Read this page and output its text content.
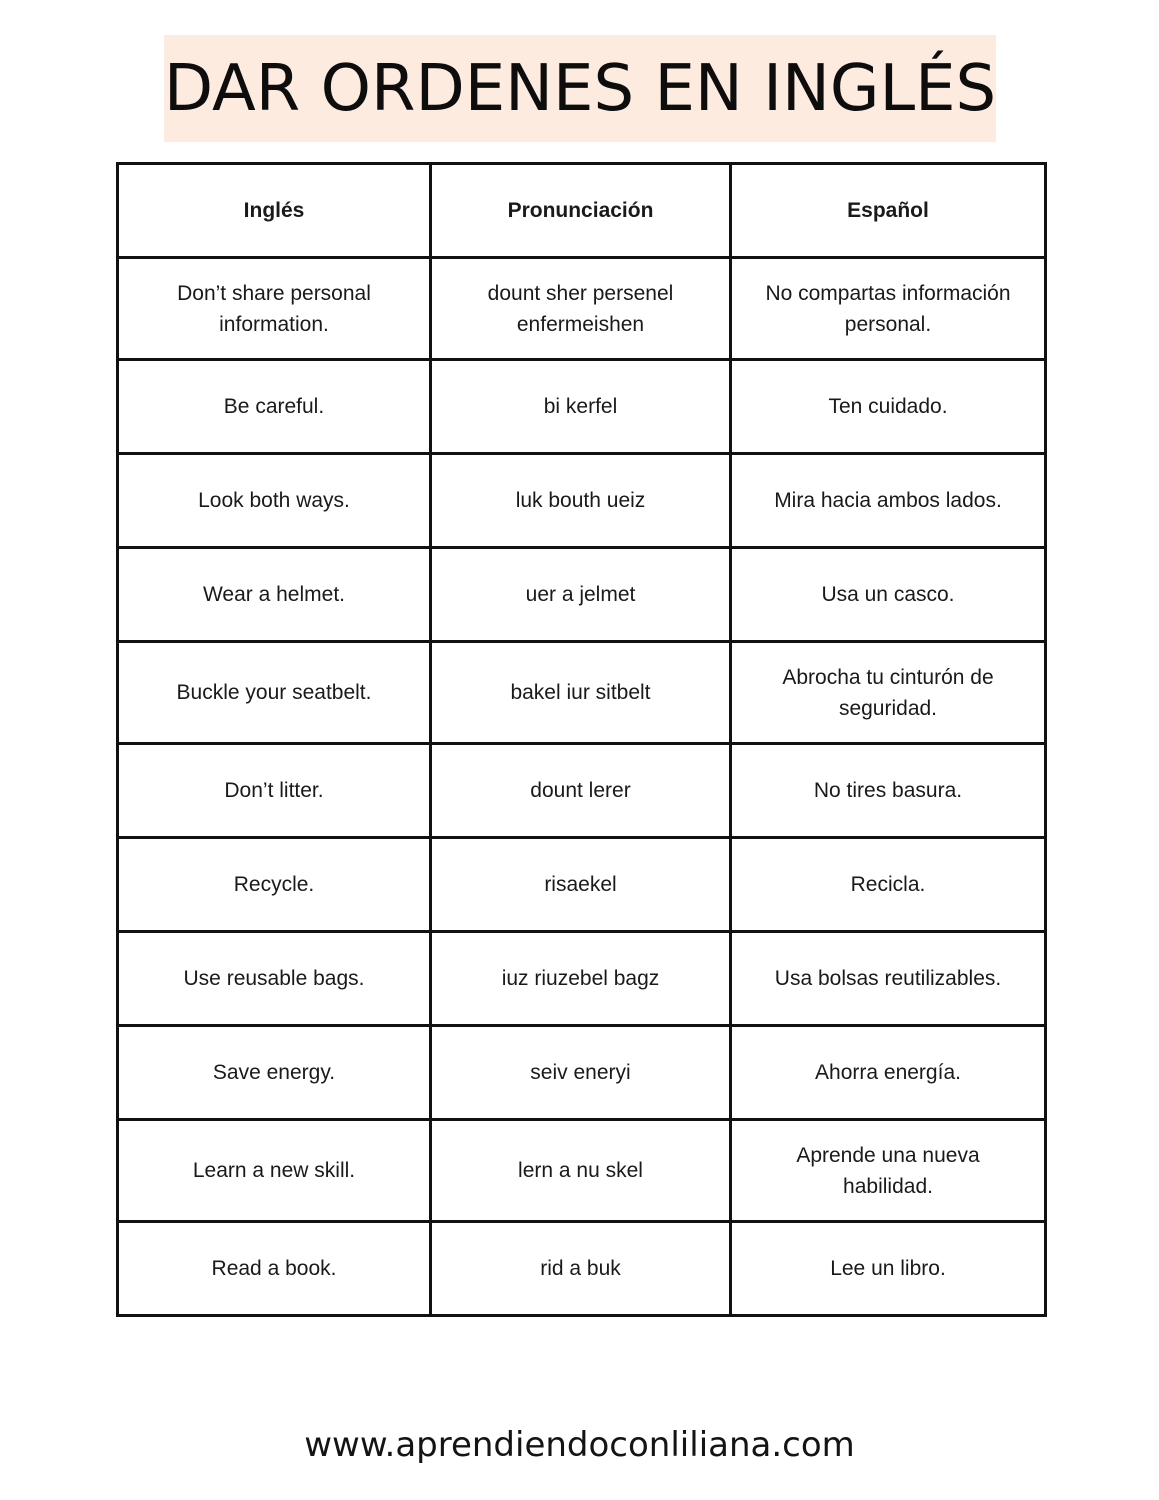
DAR ORDENES EN INGLÉS
Inglés	Pronunciación	Español
Don’t share personal information.	dount sher persenel enfermeishen	No compartas información personal.
Be careful.	bi kerfel	Ten cuidado.
Look both ways.	luk bouth ueiz	Mira hacia ambos lados.
Wear a helmet.	uer a jelmet	Usa un casco.
Buckle your seatbelt.	bakel iur sitbelt	Abrocha tu cinturón de seguridad.
Don’t litter.	dount lerer	No tires basura.
Recycle.	risaekel	Recicla.
Use reusable bags.	iuz riuzebel bagz	Usa bolsas reutilizables.
Save energy.	seiv eneryi	Ahorra energía.
Learn a new skill.	lern a nu skel	Aprende una nueva habilidad.
Read a book.	rid a buk	Lee un libro.
www.aprendiendoconliliana.com
